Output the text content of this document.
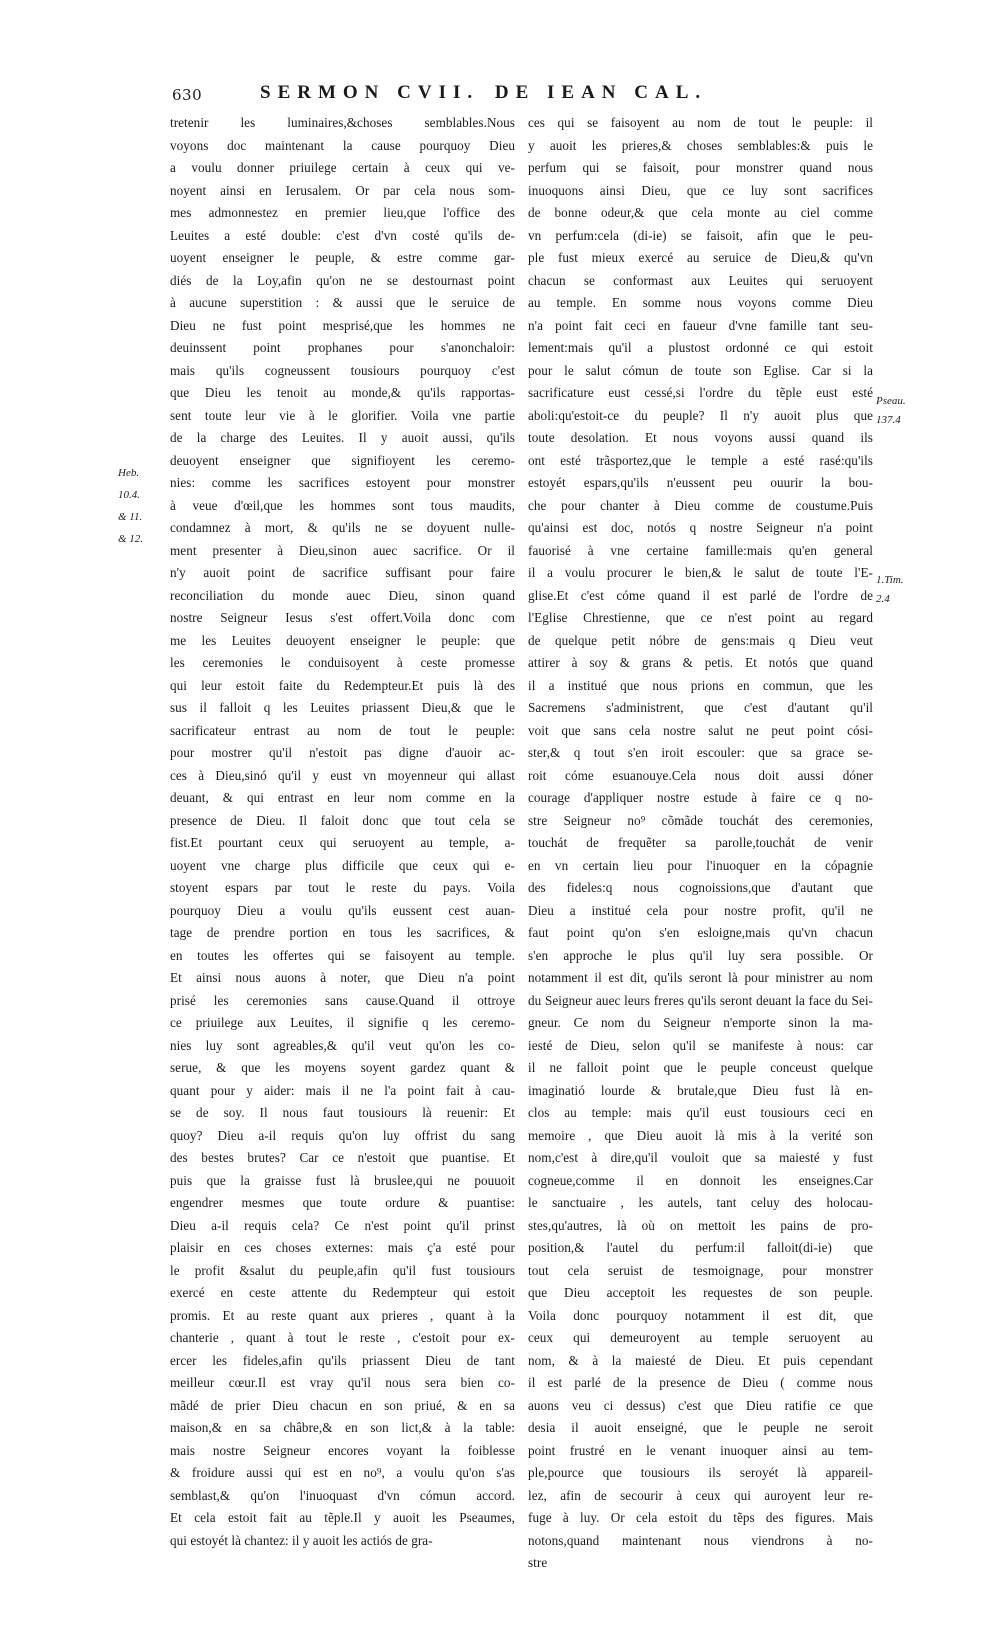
630	SERMON CVII. DE IEAN CAL.
tretenir les luminaires,&choses semblables.Nous
voyons doc maintenant la cause pourquoy Dieu
a voulu donner priuilege certain à ceux qui ve-
noyent ainsi en Ierusalem. Or par cela nous som-
mes admonnestez en premier lieu,que l'office des
Leuites a esté double: c'est d'vn costé qu'ils de-
uoyent enseigner le peuple, & estre comme gar-
diés de la Loy,afin qu'on ne se destournast point
à aucune superstition : & aussi que le seruice de
Dieu ne fust point mesprisé,que les hommes ne
deuinssent point prophanes pour s'anonchaloir:
mais qu'ils cogneussent tousiours pourquoy c'est
que Dieu les tenoit au monde,& qu'ils rapportas-
sent toute leur vie à le glorifier. Voila vne partie
de la charge des Leuites. Il y auoit aussi, qu'ils
deuoyent enseigner que signifioyent les ceremo-
nies: comme les sacrifices estoyent pour monstrer
à veue d'œil,que les hommes sont tous maudits,
condamnez à mort, & qu'ils ne se doyuent nulle-
ment presenter à Dieu,sinon auec sacrifice. Or il
n'y auoit point de sacrifice suffisant pour faire
reconciliation du monde auec Dieu, sinon quand
nostre Seigneur Iesus s'est offert.Voila donc com
me les Leuites deuoyent enseigner le peuple: que
les ceremonies le conduisoyent à ceste promesse
qui leur estoit faite du Redempteur.Et puis là des
sus il falloit q les Leuites priassent Dieu,& que le
sacrificateur entrast au nom de tout le peuple:
pour mostrer qu'il n'estoit pas digne d'auoir ac-
ces à Dieu,sinó qu'il y eust vn moyenneur qui allast
deuant, & qui entrast en leur nom comme en la
presence de Dieu. Il faloit donc que tout cela se
fist.Et pourtant ceux qui seruoyent au temple, a-
uoyent vne charge plus difficile que ceux qui e-
stoyent espars par tout le reste du pays. Voila
pourquoy Dieu a voulu qu'ils eussent cest auan-
tage de prendre portion en tous les sacrifices, &
en toutes les offertes qui se faisoyent au temple.
Et ainsi nous auons à noter, que Dieu n'a point
prisé les ceremonies sans cause.Quand il ottroye
ce priuilege aux Leuites, il signifie q les ceremo-
nies luy sont agreables,& qu'il veut qu'on les co-
serue, & que les moyens soyent gardez quant &
quant pour y aider: mais il ne l'a point fait à cau-
se de soy. Il nous faut tousiours là reuenir: Et
quoy? Dieu a-il requis qu'on luy offrist du sang
des bestes brutes? Car ce n'estoit que puantise. Et
puis que la graisse fust là bruslee,qui ne pouuoit
engendrer mesmes que toute ordure & puantise:
Dieu a-il requis cela? Ce n'est point qu'il prinst
plaisir en ces choses externes: mais ç'a esté pour
le profit &salut du peuple,afin qu'il fust tousiours
exercé en ceste attente du Redempteur qui estoit
promis. Et au reste quant aux prieres , quant à la
chanterie , quant à tout le reste , c'estoit pour ex-
ercer les fideles,afin qu'ils priassent Dieu de tant
meilleur cœur.Il est vray qu'il nous sera bien co-
mãdé de prier Dieu chacun en son priué, & en sa
maison,& en sa châbre,& en son lict,& à la table:
mais nostre Seigneur encores voyant la foiblesse
& froidure aussi qui est en no⁹, a voulu qu'on s'as
semblast,& qu'on l'inuoquast d'vn cómun accord.
Et cela estoit fait au tẽple.Il y auoit les Pseaumes,
qui estoyét là chantez: il y auoit les actiós de gra-
ces qui se faisoyent au nom de tout le peuple: il
y auoit les prieres,& choses semblables:& puis le
perfum qui se faisoit, pour monstrer quand nous
inuoquons ainsi Dieu, que ce luy sont sacrifices
de bonne odeur,& que cela monte au ciel comme
vn perfum:cela (di-ie) se faisoit, afin que le peu-
ple fust mieux exercé au seruice de Dieu,& qu'vn
chacun se conformast aux Leuites qui seruoyent
au temple. En somme nous voyons comme Dieu
n'a point fait ceci en faueur d'vne famille tant seu-
lement:mais qu'il a plustost ordonné ce qui estoit
pour le salut cómun de toute son Eglise. Car si la
sacrificature eust cessé,si l'ordre du tẽple eust esté
aboli:qu'estoit-ce du peuple? Il n'y auoit plus que
toute desolation. Et nous voyons aussi quand ils
ont esté trãsportez,que le temple a esté rasé:qu'ils
estoyét espars,qu'ils n'eussent peu ouurir la bou-
che pour chanter à Dieu comme de coustume.Puis
qu'ainsi est doc, notós q nostre Seigneur n'a point
fauorisé à vne certaine famille:mais qu'en general
il a voulu procurer le bien,& le salut de toute l'E-
glise.Et c'est cóme quand il est parlé de l'ordre de
l'Eglise Chrestienne, que ce n'est point au regard
de quelque petit nóbre de gens:mais q Dieu veut
attirer à soy & grans & petis. Et notós que quand
il a institué que nous prions en commun, que les
Sacremens s'administrent, que c'est d'autant qu'il
voit que sans cela nostre salut ne peut point cósi-
ster,& q tout s'en iroit escouler: que sa grace se-
roit cóme esuanouye.Cela nous doit aussi dóner
courage d'appliquer nostre estude à faire ce q no-
stre Seigneur no⁹ cõmãde touchát des ceremonies,
touchát de frequẽter sa parolle,touchát de venir
en vn certain lieu pour l'inuoquer en la cópagnie
des fideles:q nous cognoissions,que d'autant que
Dieu a institué cela pour nostre profit, qu'il ne
faut point qu'on s'en esloigne,mais qu'vn chacun
s'en approche le plus qu'il luy sera possible. Or
notamment il est dit, qu'ils seront là pour ministrer au nom
du Seigneur auec leurs freres qu'ils seront deuant la face du Sei-
gneur. Ce nom du Seigneur n'emporte sinon la ma-
iesté de Dieu, selon qu'il se manifeste à nous: car
il ne falloit point que le peuple conceust quelque
imaginatió lourde & brutale,que Dieu fust là en-
clos au temple: mais qu'il eust tousiours ceci en
memoire , que Dieu auoit là mis à la verité son
nom,c'est à dire,qu'il vouloit que sa maiesté y fust
cogneue,comme il en donnoit les enseignes.Car
le sanctuaire , les autels, tant celuy des holocau-
stes,qu'autres, là où on mettoit les pains de pro-
position,& l'autel du perfum:il falloit(di-ie) que
tout cela seruist de tesmoignage, pour monstrer
que Dieu acceptoit les requestes de son peuple.
Voila donc pourquoy notamment il est dit, que
ceux qui demeuroyent au temple seruoyent au
nom, & à la maiesté de Dieu. Et puis cependant
il est parlé de la presence de Dieu ( comme nous
auons veu ci dessus) c'est que Dieu ratifie ce que
desia il auoit enseigné, que le peuple ne seroit
point frustré en le venant inuoquer ainsi au tem-
ple,pource que tousiours ils seroyét là appareil-
lez, afin de secourir à ceux qui auroyent leur re-
fuge à luy. Or cela estoit du tẽps des figures. Mais
notons,quand maintenant nous viendrons à no-
stre
Heb.
10.4.
& 11.
& 12.
Pseau.
137.4
1.Tim.
2.4
